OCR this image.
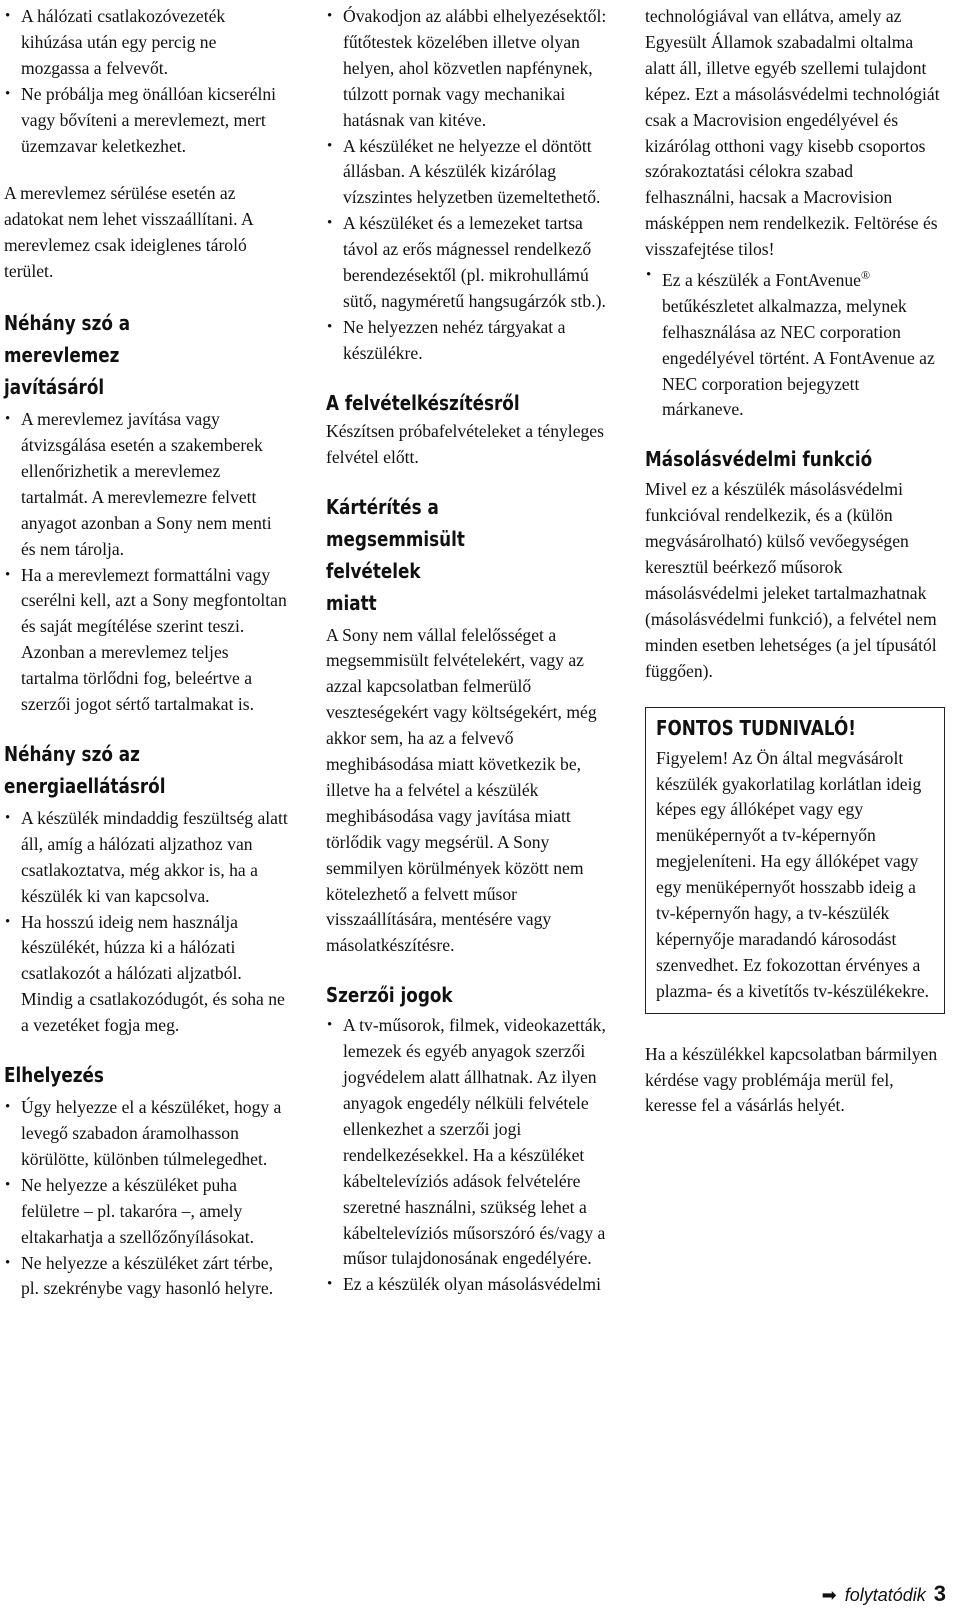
• A hálózati csatlakozóvezeték kihúzása után egy percig ne mozgassa a felvevőt.
• Ne próbálja meg önállóan kicserélni vagy bővíteni a merevlemezt, mert üzemzavar keletkezhet.

A merevlemez sérülése esetén az adatokat nem lehet visszaállítani. A merevlemez csak ideiglenes tároló terület.

Néhány szó a merevlemez
javításáról
• A merevlemez javítása vagy átvizsgálása esetén a szakemberek ellenőrizhetik a merevlemez tartalmát. A merevlemezre felvett anyagot azonban a Sony nem menti és nem tárolja.
• Ha a merevlemezt formattálni vagy cserélni kell, azt a Sony megfontoltan és saját megítélése szerint teszi. Azonban a merevlemez teljes tartalma törlődni fog, beleértve a szerzői jogot sértő tartalmakat is.
Néhány szó az
energiaellátásról
• A készülék mindaddig feszültség alatt áll, amíg a hálózati aljzathoz van csatlakoztatva, még akkor is, ha a készülék ki van kapcsolva.
• Ha hosszú ideig nem használja készülékét, húzza ki a hálózati csatlakozót a hálózati aljzatból. Mindig a csatlakozódugót, és soha ne a vezetéket fogja meg.
Elhelyezés
• Úgy helyezze el a készüléket, hogy a levegő szabadon áramolhasson körülötte, különben túlmelegedhet.
• Ne helyezze a készüléket puha felületre – pl. takaróra –, amely eltakarhatja a szellőzőnyílásokat.
• Ne helyezze a készüléket zárt térbe, pl. szekrénybe vagy hasonló helyre.
• Óvakodjon az alábbi elhelyezésektől: fűtőtestek közelében illetve olyan helyen, ahol közvetlen napfénynek, túlzott pornak vagy mechanikai hatásnak van kitéve.
• A készüléket ne helyezze el döntött állásban. A készülék kizárólag vízszintes helyzetben üzemeltethető.
• A készüléket és a lemezeket tartsa távol az erős mágnessel rendelkező berendezésektől (pl. mikrohullámú sütő, nagyméretű hangsugárzók stb.).
• Ne helyezzen nehéz tárgyakat a készülékre.
A felvételkészítésről

Készítsen próbafelvételeket a tényleges felvétel előtt.

Kártérítés a
megsemmisült felvételek
miatt

A Sony nem vállal felelősséget a megsemmisült felvételekért, vagy az azzal kapcsolatban felmerülő veszteségekért vagy költségekért, még akkor sem, ha az a felvevő meghibásodása miatt következik be, illetve ha a felvétel a készülék meghibásodása vagy javítása miatt törlődik vagy megsérül. A Sony semmilyen körülmények között nem kötelezhető a felvett műsor visszaállítására, mentésére vagy másolatkészítésre.

Szerzői jogok
• A tv-műsorok, filmek, videokazetták, lemezek és egyéb anyagok szerzői jogvédelem alatt állhatnak. Az ilyen anyagok engedély nélküli felvétele ellenkezhet a szerzői jogi rendelkezésekkel. Ha a készüléket kábeltelevíziós adások felvételére szeretné használni, szükség lehet a kábeltelevíziós műsorszóró és/vagy a műsor tulajdonosának engedélyére.
• Ez a készülék olyan másolásvédelmi
technológiával van ellátva, amely az Egyesült Államok szabadalmi oltalma alatt áll, illetve egyéb szellemi tulajdont képez. Ezt a másolásvédelmi technológiát csak a Macrovision engedélyével és kizárólag otthoni vagy kisebb csoportos szórakoztatási célokra szabad felhasználni, hacsak a Macrovision másképpen nem rendelkezik. Feltörése és visszafejtése tilos!
• Ez a készülék a FontAvenue® betűkészletet alkalmazza, melynek felhasználása az NEC corporation engedélyével történt. A FontAvenue az NEC corporation bejegyzett márkaneve.
Másolásvédelmi funkció

Mivel ez a készülék másolásvédelmi funkcióval rendelkezik, és a (külön megvásárolható) külső vevőegységen keresztül beérkező műsorok másolásvédelmi jeleket tartalmazhatnak (másolásvédelmi funkció), a felvétel nem minden esetben lehetséges (a jel típusától függően).

FONTOS TUDNIVALÓ!

Figyelem! Az Ön által megvásárolt készülék gyakorlatilag korlátlan ideig képes egy állóképet vagy egy menüképernyőt a tv-képernyőn megjeleníteni. Ha egy állóképet vagy egy menüképernyőt hosszabb ideig a tv-képernyőn hagy, a tv-készülék képernyője maradandó károsodást szenvedhet. Ez fokozottan érvényes a plazma- és a kivetítős tv-készülékekre.

Ha a készülékkel kapcsolatban bármilyen kérdése vagy problémája merül fel, keresse fel a vásárlás helyét.

➡ folytatódik 3
